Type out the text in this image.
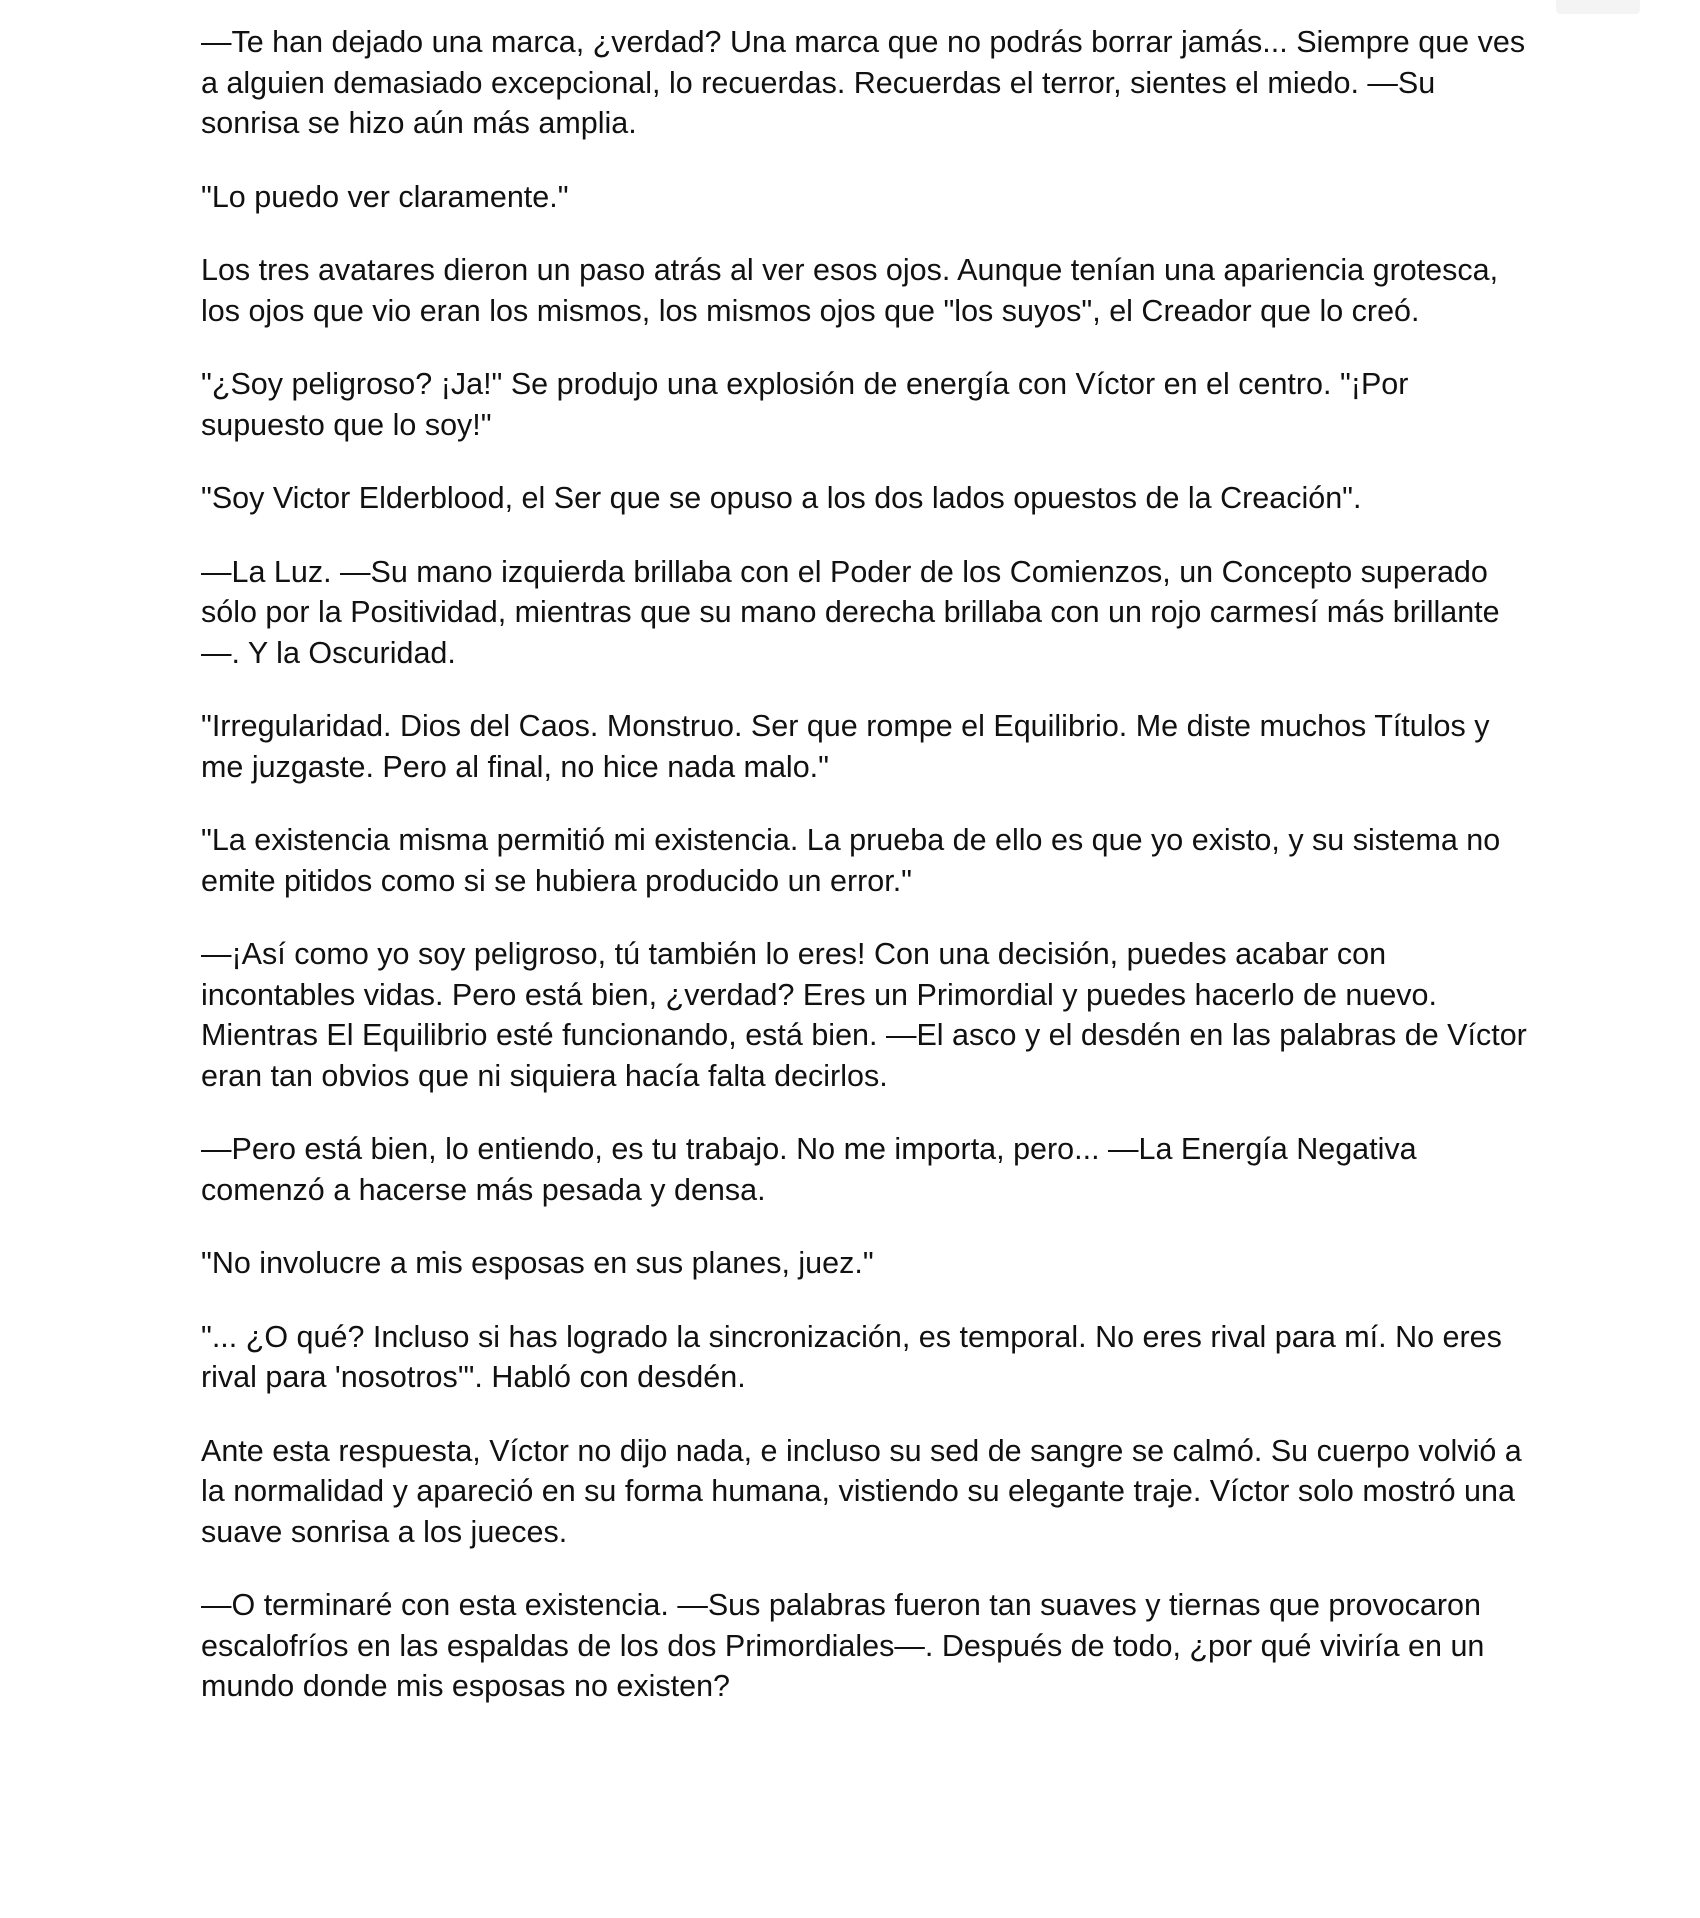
—Te han dejado una marca, ¿verdad? Una marca que no podrás borrar jamás... Siempre que ves a alguien demasiado excepcional, lo recuerdas. Recuerdas el terror, sientes el miedo. —Su sonrisa se hizo aún más amplia.

"Lo puedo ver claramente."

Los tres avatares dieron un paso atrás al ver esos ojos. Aunque tenían una apariencia grotesca, los ojos que vio eran los mismos, los mismos ojos que "los suyos", el Creador que lo creó.

"¿Soy peligroso? ¡Ja!" Se produjo una explosión de energía con Víctor en el centro. "¡Por supuesto que lo soy!"

"Soy Victor Elderblood, el Ser que se opuso a los dos lados opuestos de la Creación".

—La Luz. —Su mano izquierda brillaba con el Poder de los Comienzos, un Concepto superado sólo por la Positividad, mientras que su mano derecha brillaba con un rojo carmesí más brillante—. Y la Oscuridad.

"Irregularidad. Dios del Caos. Monstruo. Ser que rompe el Equilibrio. Me diste muchos Títulos y me juzgaste. Pero al final, no hice nada malo."

"La existencia misma permitió mi existencia. La prueba de ello es que yo existo, y su sistema no emite pitidos como si se hubiera producido un error."

—¡Así como yo soy peligroso, tú también lo eres! Con una decisión, puedes acabar con incontables vidas. Pero está bien, ¿verdad? Eres un Primordial y puedes hacerlo de nuevo. Mientras El Equilibrio esté funcionando, está bien. —El asco y el desdén en las palabras de Víctor eran tan obvios que ni siquiera hacía falta decirlos.

—Pero está bien, lo entiendo, es tu trabajo. No me importa, pero... —La Energía Negativa comenzó a hacerse más pesada y densa.

"No involucre a mis esposas en sus planes, juez."

"... ¿O qué? Incluso si has logrado la sincronización, es temporal. No eres rival para mí. No eres rival para 'nosotros'". Habló con desdén.

Ante esta respuesta, Víctor no dijo nada, e incluso su sed de sangre se calmó. Su cuerpo volvió a la normalidad y apareció en su forma humana, vistiendo su elegante traje. Víctor solo mostró una suave sonrisa a los jueces.

—O terminaré con esta existencia. —Sus palabras fueron tan suaves y tiernas que provocaron escalofríos en las espaldas de los dos Primordiales—. Después de todo, ¿por qué viviría en un mundo donde mis esposas no existen?
